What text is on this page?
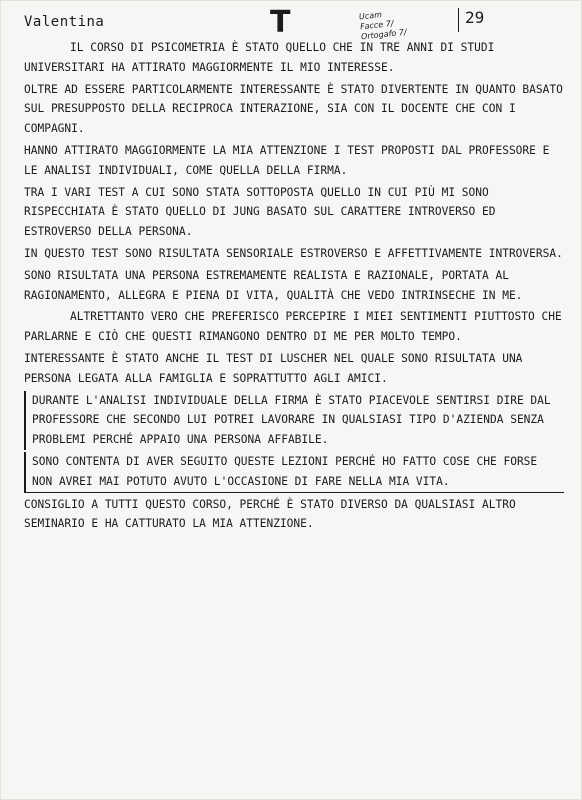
Valentina	T	Ucam
Facce 7/
Ortogafo 7/
29

IL CORSO DI PSICOMETRIA È STATO QUELLO CHE IN TRE ANNI DI STUDI UNIVERSITARI HA ATTIRATO MAGGIORMENTE IL MIO INTERESSE.

OLTRE AD ESSERE PARTICOLARMENTE INTERESSANTE È STATO DIVERTENTE IN QUANTO BASATO SUL PRESUPPOSTO DELLA RECIPROCA INTERAZIONE, SIA CON IL DOCENTE CHE CON I COMPAGNI.

HANNO ATTIRATO MAGGIORMENTE LA MIA ATTENZIONE I TEST PROPOSTI DAL PROFESSORE E LE ANALISI INDIVIDUALI, COME QUELLA DELLA FIRMA.

TRA I VARI TEST A CUI SONO STATA SOTTOPOSTA QUELLO IN CUI PIÙ MI SONO RISPECCHIATA È STATO QUELLO DI JUNG BASATO SUL CARATTERE INTROVERSO ED ESTROVERSO DELLA PERSONA.

IN QUESTO TEST SONO RISULTATA SENSORIALE ESTROVERSO E AFFETTIVAMENTE INTROVERSA.

SONO RISULTATA UNA PERSONA ESTREMAMENTE REALISTA E RAZIONALE, PORTATA AL RAGIONAMENTO, ALLEGRA E PIENA DI VITA, QUALITÀ CHE VEDO INTRINSECHE IN ME.

ALTRETTANTO VERO CHE PREFERISCO PERCEPIRE I MIEI SENTIMENTI PIUTTOSTO CHE PARLARNE E CIÒ CHE QUESTI RIMANGONO DENTRO DI ME PER MOLTO TEMPO.

INTERESSANTE È STATO ANCHE IL TEST DI LUSCHER NEL QUALE SONO RISULTATA UNA PERSONA LEGATA ALLA FAMIGLIA E SOPRATTUTTO AGLI AMICI.

DURANTE L'ANALISI INDIVIDUALE DELLA FIRMA È STATO PIACEVOLE SENTIRSI DIRE DAL PROFESSORE CHE SECONDO LUI POTREI LAVORARE IN QUALSIASI TIPO D'AZIENDA SENZA PROBLEMI PERCHÉ APPAIO UNA PERSONA AFFABILE.

SONO CONTENTA DI AVER SEGUITO QUESTE LEZIONI PERCHÉ HO FATTO COSE CHE FORSE NON AVREI MAI POTUTO AVUTO L'OCCASIONE DI FARE NELLA MIA VITA.

CONSIGLIO A TUTTI QUESTO CORSO, PERCHÉ È STATO DIVERSO DA QUALSIASI ALTRO SEMINARIO E HA CATTURATO LA MIA ATTENZIONE.
